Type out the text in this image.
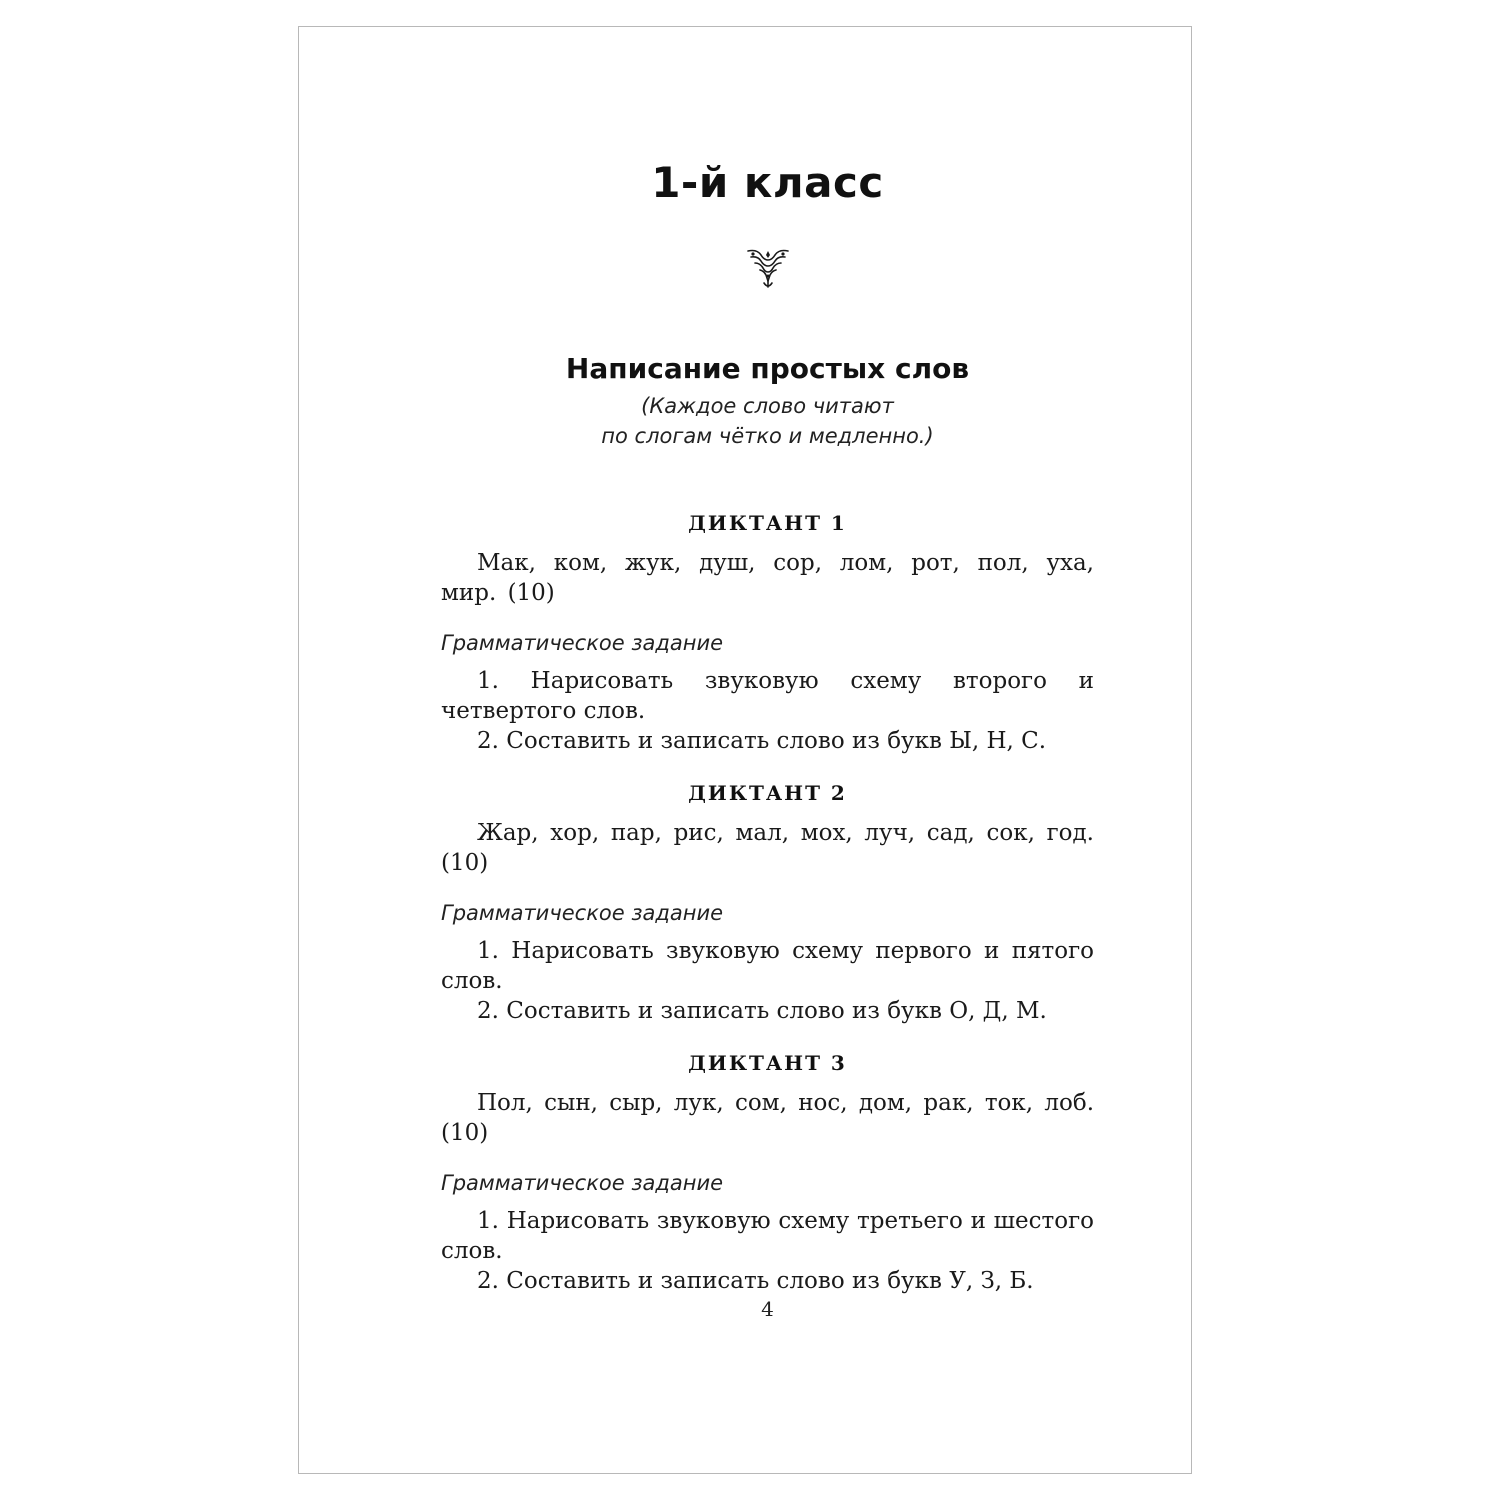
1-й класс
Написание простых слов
(Каждое слово читают
по слогам чётко и медленно.)
ДИКТАНТ 1
Мак, ком, жук, душ, сор, лом, рот, пол, уха, мир. (10)
Грамматическое задание
1. Нарисовать звуковую схему второго и четвертого слов.
2. Составить и записать слово из букв Ы, Н, С.
ДИКТАНТ 2
Жар, хор, пар, рис, мал, мох, луч, сад, сок, год. (10)
Грамматическое задание
1. Нарисовать звуковую схему первого и пятого слов.
2. Составить и записать слово из букв О, Д, М.
ДИКТАНТ 3
Пол, сын, сыр, лук, сом, нос, дом, рак, ток, лоб. (10)
Грамматическое задание
1. Нарисовать звуковую схему третьего и шестого слов.
2. Составить и записать слово из букв У, З, Б.
4
